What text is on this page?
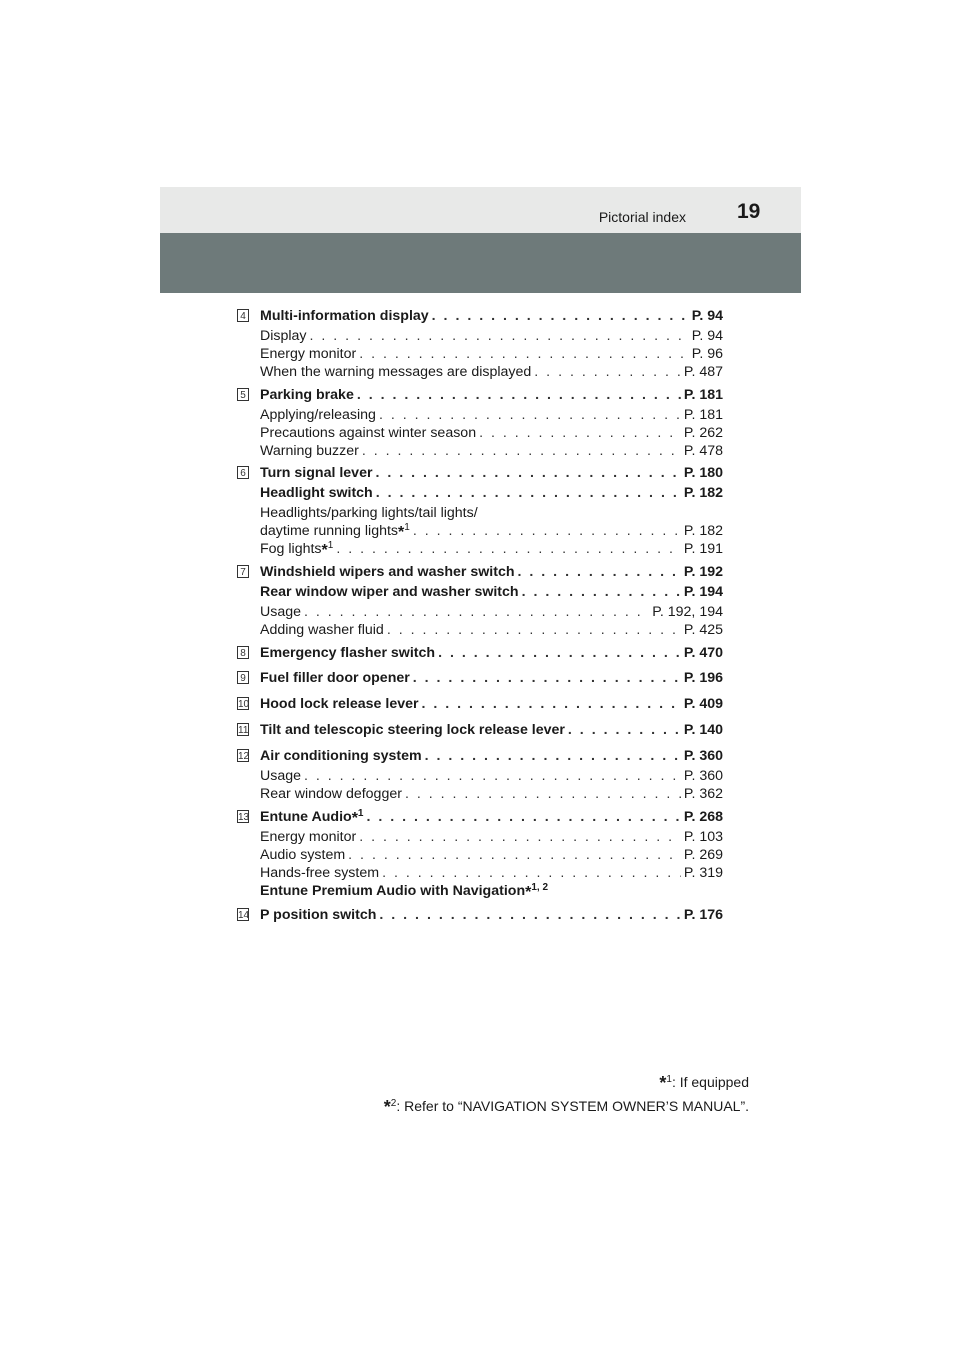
Pictorial index 19
4 Multi-information display . . .	P. 94
Display . . .	P. 94
Energy monitor . . .	P. 96
When the warning messages are displayed . . .	P. 487
5 Parking brake . . .	P. 181
Applying/releasing . . .	P. 181
Precautions against winter season . . .	P. 262
Warning buzzer . . .	P. 478
6 Turn signal lever . . .	P. 180
Headlight switch . . .	P. 182
Headlights/parking lights/tail lights/
daytime running lights*$^1$ . . .	P. 182
Fog lights*$^1$ . . .	P. 191
7 Windshield wipers and washer switch . . .	P. 192
Rear window wiper and washer switch . . .	P. 194
Usage . . .	P. 192, 194
Adding washer fluid . . .	P. 425
8 Emergency flasher switch . . .	P. 470
9 Fuel filler door opener . . .	P. 196
10 Hood lock release lever . . .	P. 409
11 Tilt and telescopic steering lock release lever . . .	P. 140
12 Air conditioning system . . .	P. 360
Usage . . .	P. 360
Rear window defogger . . .	P. 362
13 Entune Audio*$^1$ . . .	P. 268
Energy monitor . . .	P. 103
Audio system . . .	P. 269
Hands-free system . . .	P. 319
Entune Premium Audio with Navigation*$^{1, 2}$
14 P position switch . . .	P. 176
*$^1$: If equipped
*$^2$: Refer to “NAVIGATION SYSTEM OWNER’S MANUAL”.
